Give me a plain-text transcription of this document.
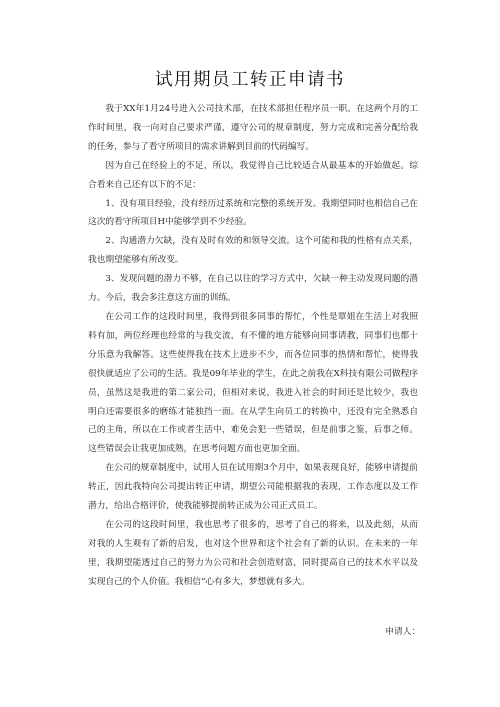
试用期员工转正申请书

我于XX年1月24号进入公司技术部，在技术部担任程序员一职。在这两个月的工作时间里，我一向对自己要求严谨，遵守公司的规章制度，努力完成和完善分配给我的任务，参与了看守所项目的需求讲解到目前的代码编写。

因为自己在经验上的不足，所以，我觉得自己比较适合从最基本的开始做起。综合看来自己还有以下的不足：

1、没有项目经验，没有经历过系统和完整的系统开发。我期望同时也相信自己在这次的看守所项目H中能够学到不少经验。

2、沟通潜力欠缺，没有及时有效的和领导交流。这个可能和我的性格有点关系，我也期望能够有所改变。

3、发现问题的潜力不够，在自己以往的学习方式中，欠缺一种主动发现问题的潜力。今后，我会多注意这方面的训练。

在公司工作的这段时间里，我得到很多同事的帮忙，个性是覃姐在生活上对我照料有加，两位经理也经常的与我交流，有不懂的地方能够向同事请教，同事们也都十分乐意为我解答。这些使得我在技术上进步不少，而各位同事的热情和帮忙，使得我很快就适应了公司的生活。我是09年毕业的学生，在此之前我在X科技有限公司做程序员，虽然这是我进的第二家公司，但相对来说，我进入社会的时间还是比较少，我也明白还需要很多的磨练才能独挡一面。在从学生向员工的转换中，还没有完全熟悉自己的主角，所以在工作或者生活中，难免会犯一些错误，但是前事之鉴，后事之师。这些错误会让我更加成熟，在思考问题方面也更加全面。

在公司的规章制度中，试用人员在试用期3个月中，如果表现良好，能够申请提前转正，因此我特向公司提出转正申请，期望公司能根据我的表现，工作态度以及工作潜力，给出合格评价，使我能够提前转正成为公司正式员工。

在公司的这段时间里，我也思考了很多的，思考了自己的将来，以及此刻，从而对我的人生观有了新的启发，也对这个世界和这个社会有了新的认识。在未来的一年里，我期望能透过自己的努力为公司和社会创造财富，同时提高自己的技术水平以及实现自己的个人价值。我相信“心有多大，梦想就有多大。

申请人：
